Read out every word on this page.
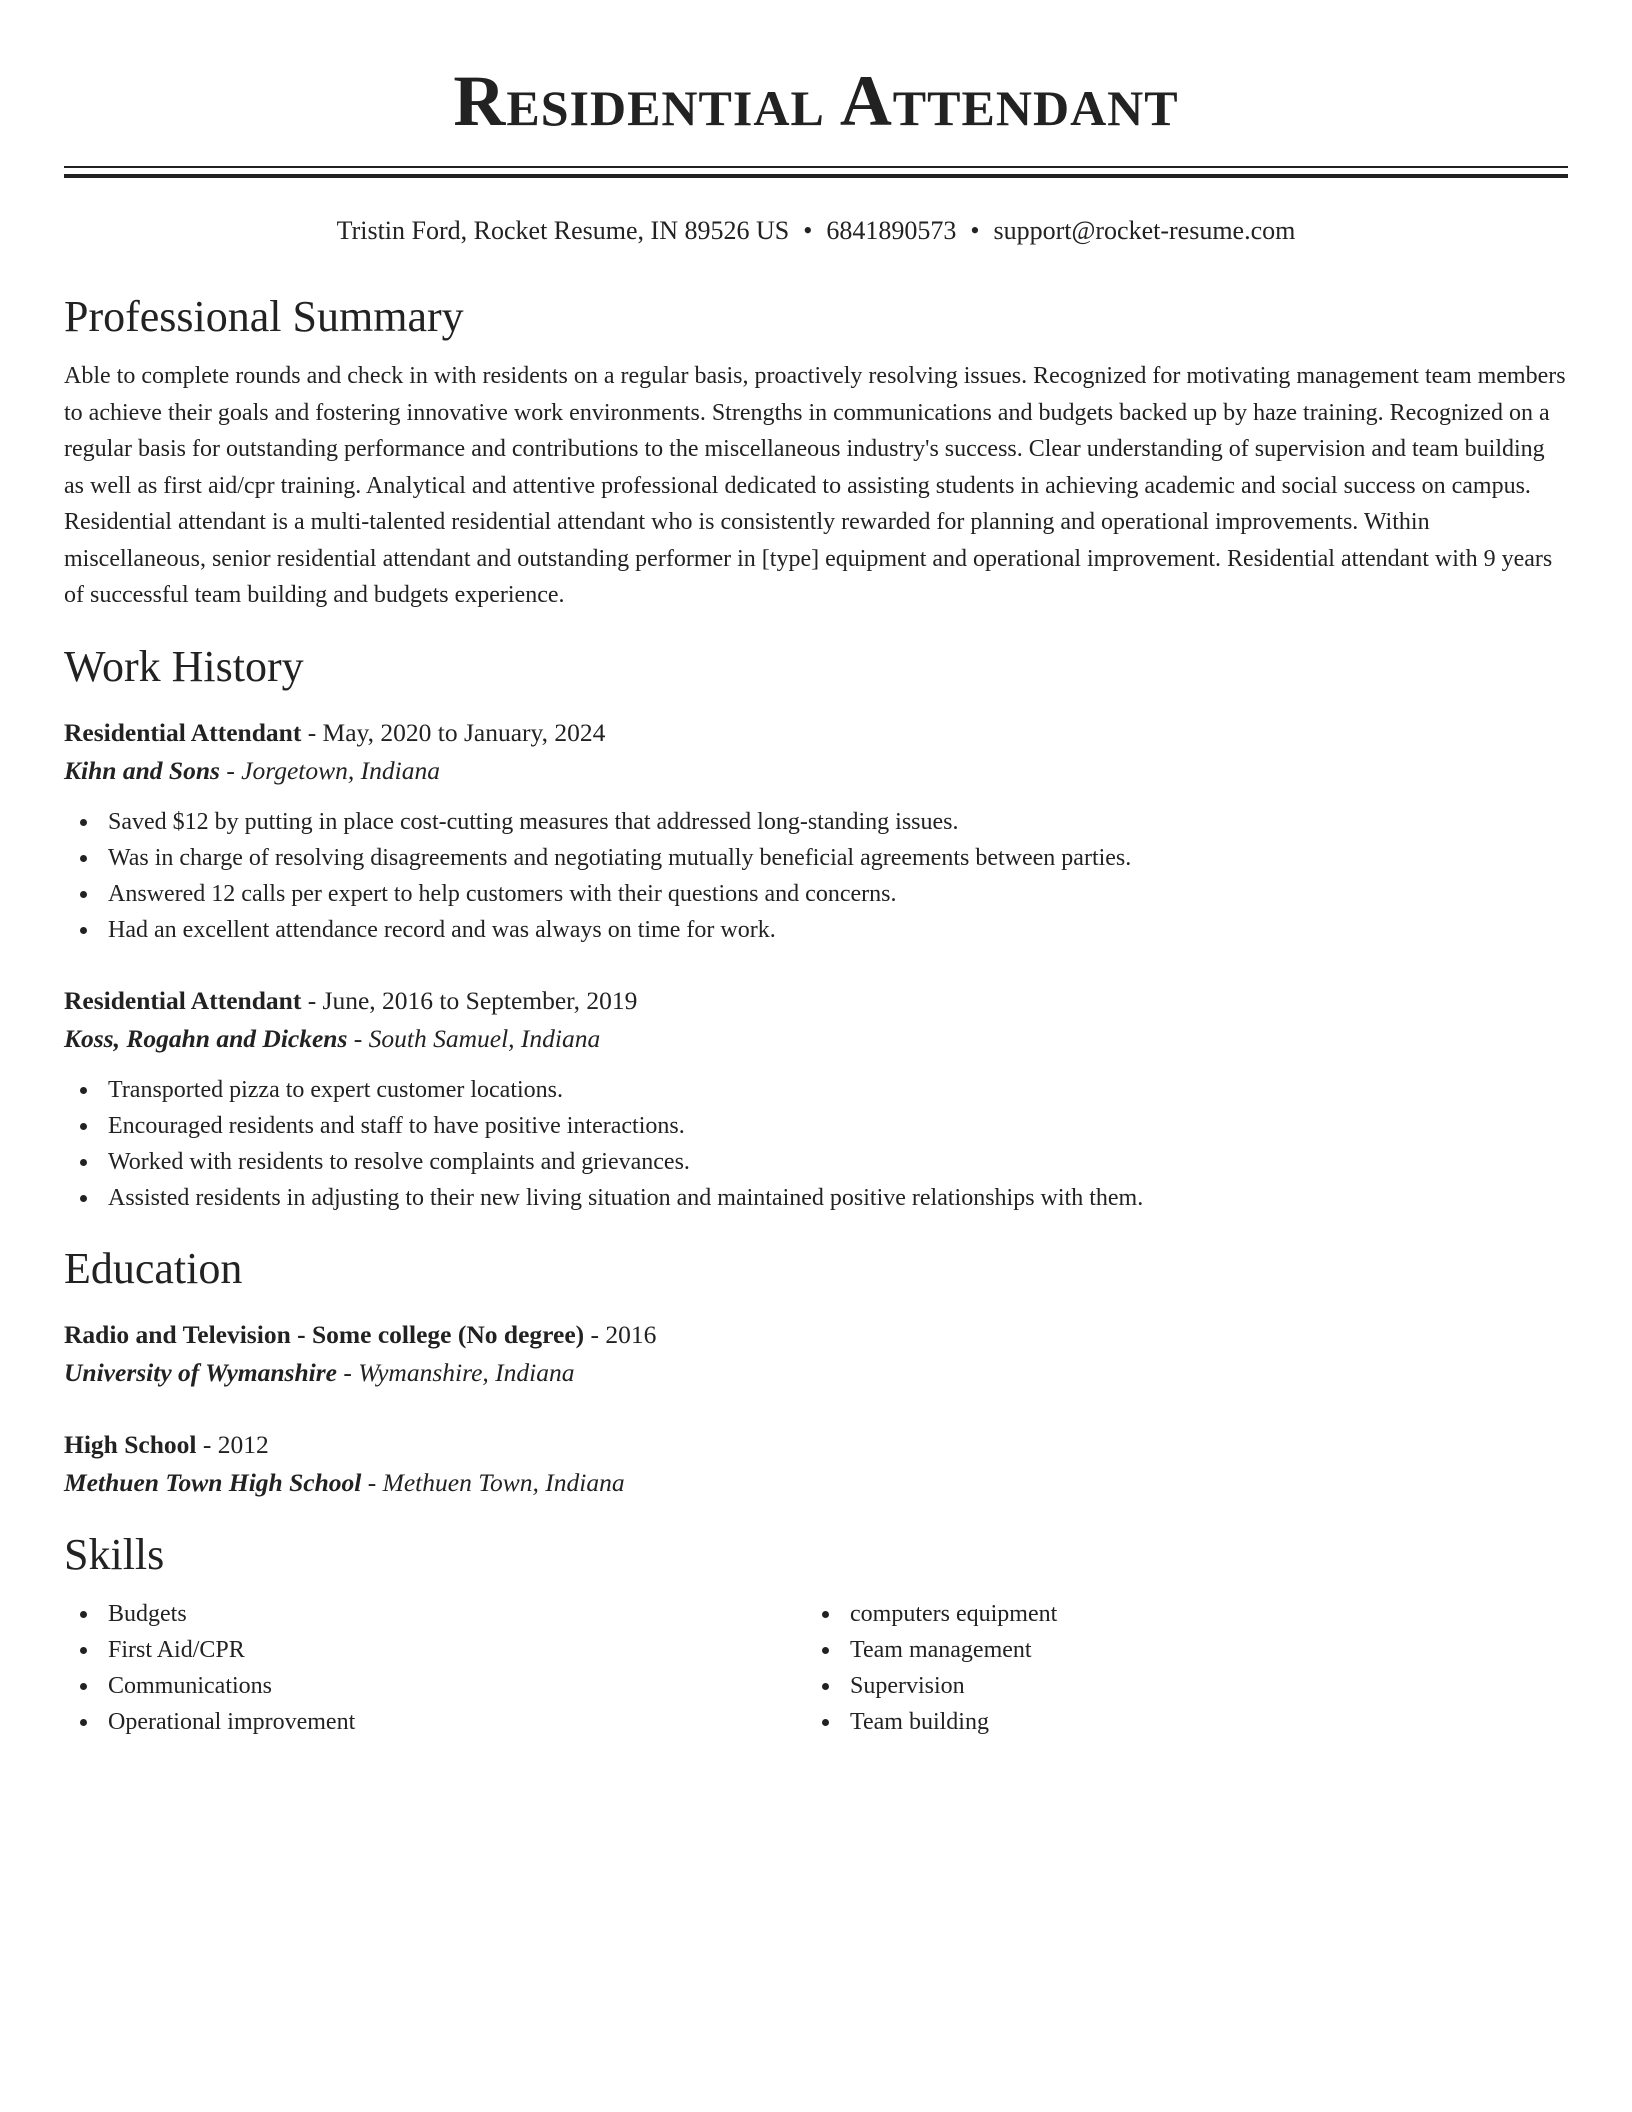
Residential Attendant
Tristin Ford, Rocket Resume, IN 89526 US • 6841890573 • support@rocket-resume.com
Professional Summary

Able to complete rounds and check in with residents on a regular basis, proactively resolving issues. Recognized for motivating management team members to achieve their goals and fostering innovative work environments. Strengths in communications and budgets backed up by haze training. Recognized on a regular basis for outstanding performance and contributions to the miscellaneous industry's success. Clear understanding of supervision and team building as well as first aid/cpr training. Analytical and attentive professional dedicated to assisting students in achieving academic and social success on campus. Residential attendant is a multi-talented residential attendant who is consistently rewarded for planning and operational improvements. Within miscellaneous, senior residential attendant and outstanding performer in [type] equipment and operational improvement. Residential attendant with 9 years of successful team building and budgets experience.

Work History
Residential Attendant - May, 2020 to January, 2024
Kihn and Sons - Jorgetown, Indiana
Saved $12 by putting in place cost-cutting measures that addressed long-standing issues.
Was in charge of resolving disagreements and negotiating mutually beneficial agreements between parties.
Answered 12 calls per expert to help customers with their questions and concerns.
Had an excellent attendance record and was always on time for work.
Residential Attendant - June, 2016 to September, 2019
Koss, Rogahn and Dickens - South Samuel, Indiana
Transported pizza to expert customer locations.
Encouraged residents and staff to have positive interactions.
Worked with residents to resolve complaints and grievances.
Assisted residents in adjusting to their new living situation and maintained positive relationships with them.
Education
Radio and Television - Some college (No degree) - 2016
University of Wymanshire - Wymanshire, Indiana
High School - 2012
Methuen Town High School - Methuen Town, Indiana
Skills
Budgets
First Aid/CPR
Communications
Operational improvement
computers equipment
Team management
Supervision
Team building
